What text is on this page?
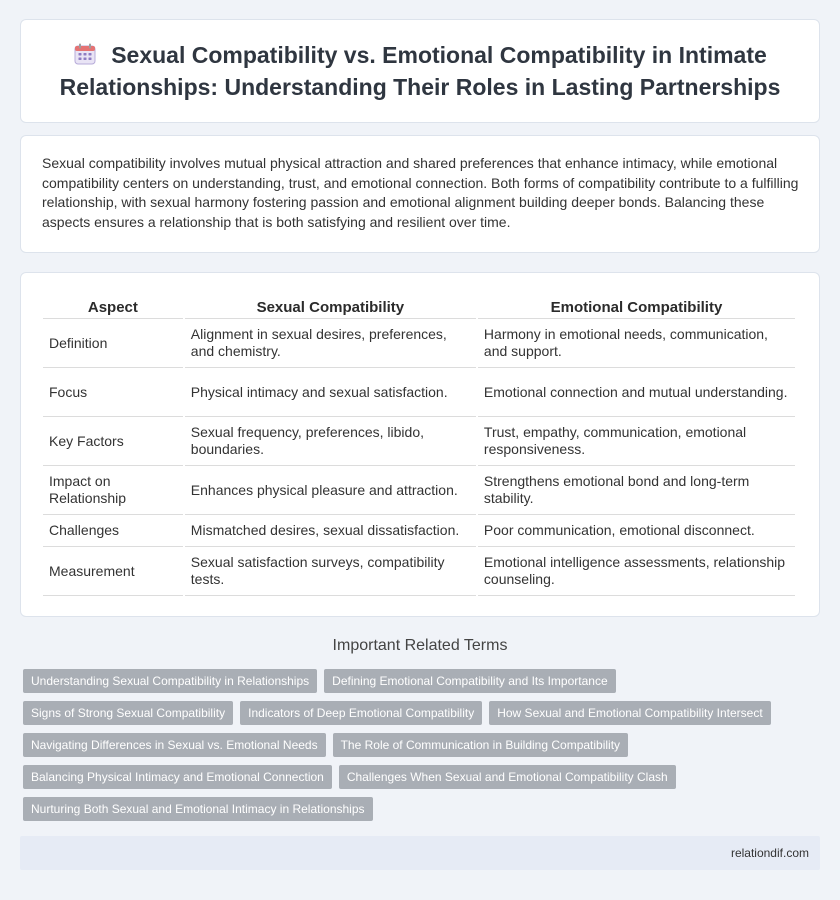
Sexual Compatibility vs. Emotional Compatibility in Intimate Relationships: Understanding Their Roles in Lasting Partnerships

Sexual compatibility involves mutual physical attraction and shared preferences that enhance intimacy, while emotional compatibility centers on understanding, trust, and emotional connection. Both forms of compatibility contribute to a fulfilling relationship, with sexual harmony fostering passion and emotional alignment building deeper bonds. Balancing these aspects ensures a relationship that is both satisfying and resilient over time.

Aspect	Sexual Compatibility	Emotional Compatibility
Definition	Alignment in sexual desires, preferences, and chemistry.	Harmony in emotional needs, communication, and support.
Focus	Physical intimacy and sexual satisfaction.	Emotional connection and mutual understanding.
Key Factors	Sexual frequency, preferences, libido, boundaries.	Trust, empathy, communication, emotional responsiveness.
Impact on Relationship	Enhances physical pleasure and attraction.	Strengthens emotional bond and long-term stability.
Challenges	Mismatched desires, sexual dissatisfaction.	Poor communication, emotional disconnect.
Measurement	Sexual satisfaction surveys, compatibility tests.	Emotional intelligence assessments, relationship counseling.
Important Related Terms
Understanding Sexual Compatibility in Relationships	Defining Emotional Compatibility and Its Importance
Signs of Strong Sexual Compatibility	Indicators of Deep Emotional Compatibility	How Sexual and Emotional Compatibility Intersect
Navigating Differences in Sexual vs. Emotional Needs	The Role of Communication in Building Compatibility
Balancing Physical Intimacy and Emotional Connection	Challenges When Sexual and Emotional Compatibility Clash
Nurturing Both Sexual and Emotional Intimacy in Relationships
relationdif.com
